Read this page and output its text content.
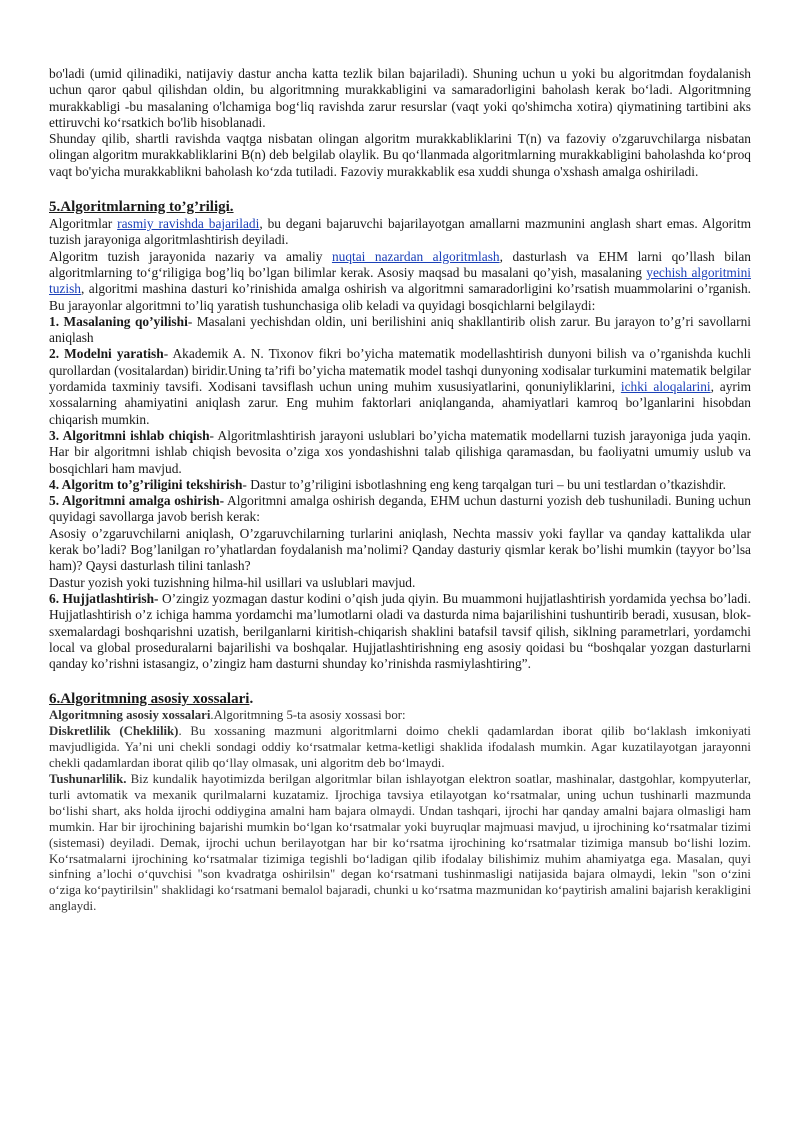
bo'ladi (umid qilinadiki, natijaviy dastur ancha katta tezlik bilan bajariladi). Shuning uchun u yoki bu algoritmdan foydalanish uchun qaror qabul qilishdan oldin, bu algoritmning murakkabligini va samaradorligini baholash kerak bo‘ladi. Algoritmning murakkabligi -bu masalaning o'lchamiga bog‘liq ravishda zarur resurslar (vaqt yoki qo'shimcha xotira) qiymatining tartibini aks ettiruvchi ko‘rsatkich bo'lib hisoblanadi.

Shunday qilib, shartli ravishda vaqtga nisbatan olingan algoritm murakkabliklarini T(n) va fazoviy o'zgaruvchilarga nisbatan olingan algoritm murakkabliklarini B(n) deb belgilab olaylik. Bu qo‘llanmada algoritmlarning murakkabligini baholashda ko‘proq vaqt bo'yicha murakkablikni baholash ko‘zda tutiladi. Fazoviy murakkablik esa xuddi shunga o'xshash amalga oshiriladi.

5.Algoritmlarning to’g’riligi.

Algoritmlar rasmiy ravishda bajariladi, bu degani bajaruvchi bajarilayotgan amallarni mazmunini anglash shart emas. Algoritm tuzish jarayoniga algoritmlashtirish deyiladi.

Algoritm tuzish jarayonida nazariy va amaliy nuqtai nazardan algoritmlash, dasturlash va EHM larni qo’llash bilan algoritmlarning to‘g‘riligiga bog’liq bo’lgan bilimlar kerak. Asosiy maqsad bu masalani qo’yish, masalaning yechish algoritmini tuzish, algoritmi mashina dasturi ko’rinishida amalga oshirish va algoritmni samaradorligini ko’rsatish muammolarini o’rganish. Bu jarayonlar algoritmni to’liq yaratish tushunchasiga olib keladi va quyidagi bosqichlarni belgilaydi:

1. Masalaning qo’yilishi- Masalani yechishdan oldin, uni berilishini aniq shakllantirib olish zarur. Bu jarayon to’g’ri savollarni aniqlash

2. Modelni yaratish- Akademik A. N. Tixonov fikri bo’yicha matematik modellashtirish dunyoni bilish va o’rganishda kuchli qurollardan (vositalardan) biridir.Uning ta’rifi bo’yicha matematik model tashqi dunyoning xodisalar turkumini matematik belgilar yordamida taxminiy tavsifi. Xodisani tavsiflash uchun uning muhim xususiyatlarini, qonuniyliklarini, ichki aloqalarini, ayrim xossalarning ahamiyatini aniqlash zarur. Eng muhim faktorlari aniqlanganda, ahamiyatlari kamroq bo’lganlarini hisobdan chiqarish mumkin.

3. Algoritmni ishlab chiqish- Algoritmlashtirish jarayoni uslublari bo’yicha matematik modellarni tuzish jarayoniga juda yaqin. Har bir algoritmni ishlab chiqish bevosita o’ziga xos yondashishni talab qilishiga qaramasdan, bu faoliyatni umumiy uslub va bosqichlari ham mavjud.

4. Algoritm to’g’riligini tekshirish- Dastur to’g’riligini isbotlashning eng keng tarqalgan turi – bu uni testlardan o’tkazishdir.

5. Algoritmni amalga oshirish- Algoritmni amalga oshirish deganda, EHM uchun dasturni yozish deb tushuniladi. Buning uchun quyidagi savollarga javob berish kerak:

Asosiy o’zgaruvchilarni aniqlash, O’zgaruvchilarning turlarini aniqlash, Nechta massiv yoki fayllar va qanday kattalikda ular kerak bo’ladi? Bog’lanilgan ro’yhatlardan foydalanish ma’nolimi? Qanday dasturiy qismlar kerak bo’lishi mumkin (tayyor bo’lsa ham)? Qaysi dasturlash tilini tanlash?

Dastur yozish yoki tuzishning hilma-hil usillari va uslublari mavjud.

6. Hujjatlashtirish- O’zingiz yozmagan dastur kodini o’qish juda qiyin. Bu muammoni hujjatlashtirish yordamida yechsa bo’ladi. Hujjatlashtirish o’z ichiga hamma yordamchi ma’lumotlarni oladi va dasturda nima bajarilishini tushuntirib beradi, xususan, blok-sxemalardagi boshqarishni uzatish, berilganlarni kiritish-chiqarish shaklini batafsil tavsif qilish, siklning parametrlari, yordamchi local va global proseduralarni bajarilishi va boshqalar. Hujjatlashtirishning eng asosiy qoidasi bu “boshqalar yozgan dasturlarni qanday ko’rishni istasangiz, o’zingiz ham dasturni shunday ko’rinishda rasmiylashtiring”.

6.Algoritmning asosiy xossalari.

Algoritmning asosiy xossalari.Algoritmning 5-ta asosiy xossasi bor:

Diskretlilik (Cheklilik). Bu xossaning mazmuni algoritmlarni doimo chekli qadamlardan iborat qilib bo‘laklash imkoniyati mavjudligida. Ya’ni uni chekli sondagi oddiy ko‘rsatmalar ketma-ketligi shaklida ifodalash mumkin. Agar kuzatilayotgan jarayonni chekli qadamlardan iborat qilib qo‘llay olmasak, uni algoritm deb bo‘lmaydi.

Tushunarlilik. Biz kundalik hayotimizda berilgan algoritmlar bilan ishlayotgan elektron soatlar, mashinalar, dastgohlar, kompyuterlar, turli avtomatik va mexanik qurilmalarni kuzatamiz. Ijrochiga tavsiya etilayotgan ko‘rsatmalar, uning uchun tushinarli mazmunda bo‘lishi shart, aks holda ijrochi oddiygina amalni ham bajara olmaydi. Undan tashqari, ijrochi har qanday amalni bajara olmasligi ham mumkin. Har bir ijrochining bajarishi mumkin bo‘lgan ko‘rsatmalar yoki buyruqlar majmuasi mavjud, u ijrochining ko‘rsatmalar tizimi (sistemasi) deyiladi. Demak, ijrochi uchun berilayotgan har bir ko‘rsatma ijrochining ko‘rsatmalar tizimiga mansub bo‘lishi lozim. Ko‘rsatmalarni ijrochining ko‘rsatmalar tizimiga tegishli bo‘ladigan qilib ifodalay bilishimiz muhim ahamiyatga ega. Masalan, quyi sinfning a’lochi o‘quvchisi "son kvadratga oshirilsin" degan ko‘rsatmani tushinmasligi natijasida bajara olmaydi, lekin "son o‘zini o‘ziga ko‘paytirilsin" shaklidagi ko‘rsatmani bemalol bajaradi, chunki u ko‘rsatma mazmunidan ko‘paytirish amalini bajarish kerakligini anglaydi.
